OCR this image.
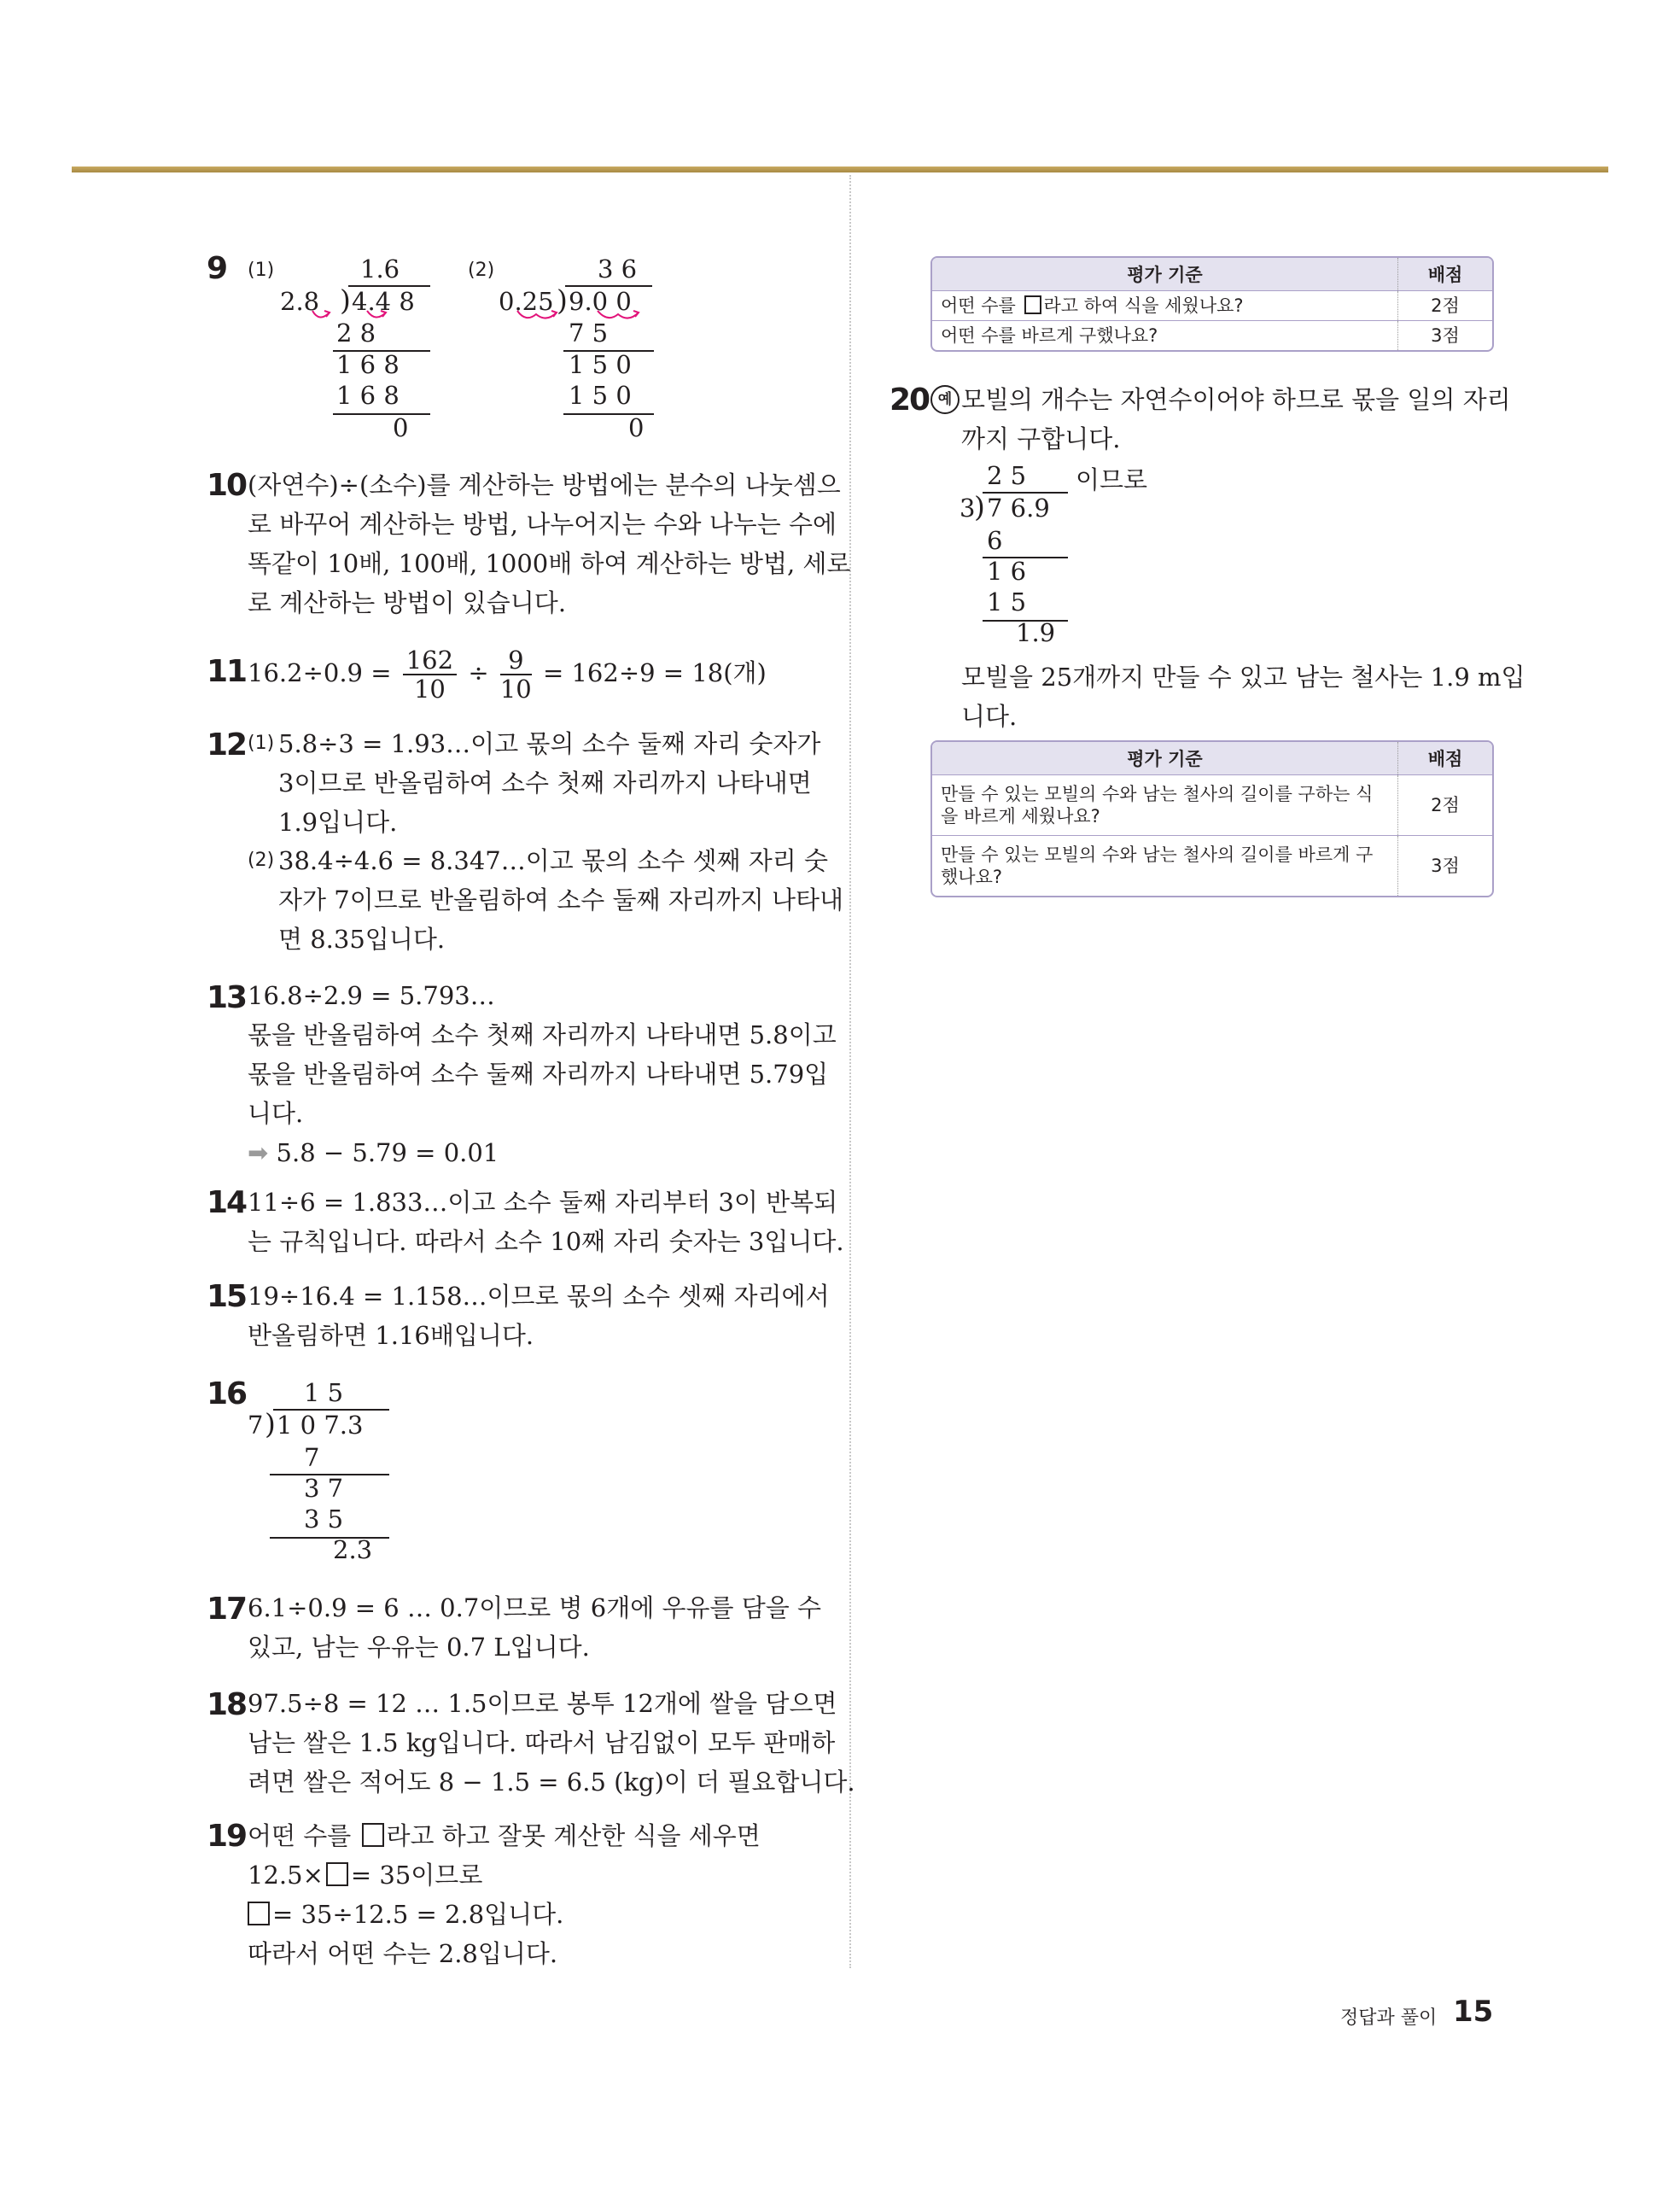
9 (1)	1.6
2.8 ) 4.4 8
2 8
1 6 8
1 6 8
0
(2)	3 6
0.25 ) 9.0 0
7 5
1 5 0
1 5 0
0
10 (자연수)÷(소수)를 계산하는 방법에는 분수의 나눗셈으
로 바꾸어 계산하는 방법, 나누어지는 수와 나누는 수에
똑같이 10배, 100배, 1000배 하여 계산하는 방법, 세로
로 계산하는 방법이 있습니다.
11 $16.2\div 0.9 = \frac{162}{10} \div \frac{9}{10} = 162\div 9 = 18$(개)
12 (1) 5.8÷3 = 1.93…이고 몫의 소수 둘째 자리 숫자가
3이므로 반올림하여 소수 첫째 자리까지 나타내면
1.9입니다.
(2) 38.4÷4.6 = 8.347…이고 몫의 소수 셋째 자리 숫
자가 7이므로 반올림하여 소수 둘째 자리까지 나타내
면 8.35입니다.
13 16.8÷2.9 = 5.793…
몫을 반올림하여 소수 첫째 자리까지 나타내면 5.8이고
몫을 반올림하여 소수 둘째 자리까지 나타내면 5.79입
니다.
➡ 5.8 − 5.79 = 0.01
14 11÷6 = 1.833…이고 소수 둘째 자리부터 3이 반복되
는 규칙입니다. 따라서 소수 10째 자리 숫자는 3입니다.
15 19÷16.4 = 1.158…이므로 몫의 소수 셋째 자리에서
반올림하면 1.16배입니다.
16 1 5
7 ) 1 0 7.3
7
3 7
3 5
2.3
17 6.1÷0.9 = 6 … 0.7이므로 병 6개에 우유를 담을 수
있고, 남는 우유는 0.7 L입니다.
18 97.5÷8 = 12 … 1.5이므로 봉투 12개에 쌀을 담으면
남는 쌀은 1.5 kg입니다. 따라서 남김없이 모두 판매하
려면 쌀은 적어도 8 − 1.5 = 6.5 (kg)이 더 필요합니다.
19 어떤 수를 라고 하고 잘못 계산한 식을 세우면
12.5× = 35이므로
= 35÷12.5 = 2.8입니다.
따라서 어떤 수는 2.8입니다.
평가 기준	배점
어떤 수를 라고 하여 식을 세웠나요?	2점
어떤 수를 바르게 구했나요?	3점
20 예 모빌의 개수는 자연수이어야 하므로 몫을 일의 자리
까지 구합니다.
2 5 이므로
3
) 7 6.9
6
1 6
1 5
1.9
모빌을 25개까지 만들 수 있고 남는 철사는 1.9 m입
니다.
평가 기준	배점
만들 수 있는 모빌의 수와 남는 철사의 길이를 구하는 식을 바르게 세웠나요?	2점
만들 수 있는 모빌의 수와 남는 철사의 길이를 바르게 구했나요?	3점
정답과 풀이 15
